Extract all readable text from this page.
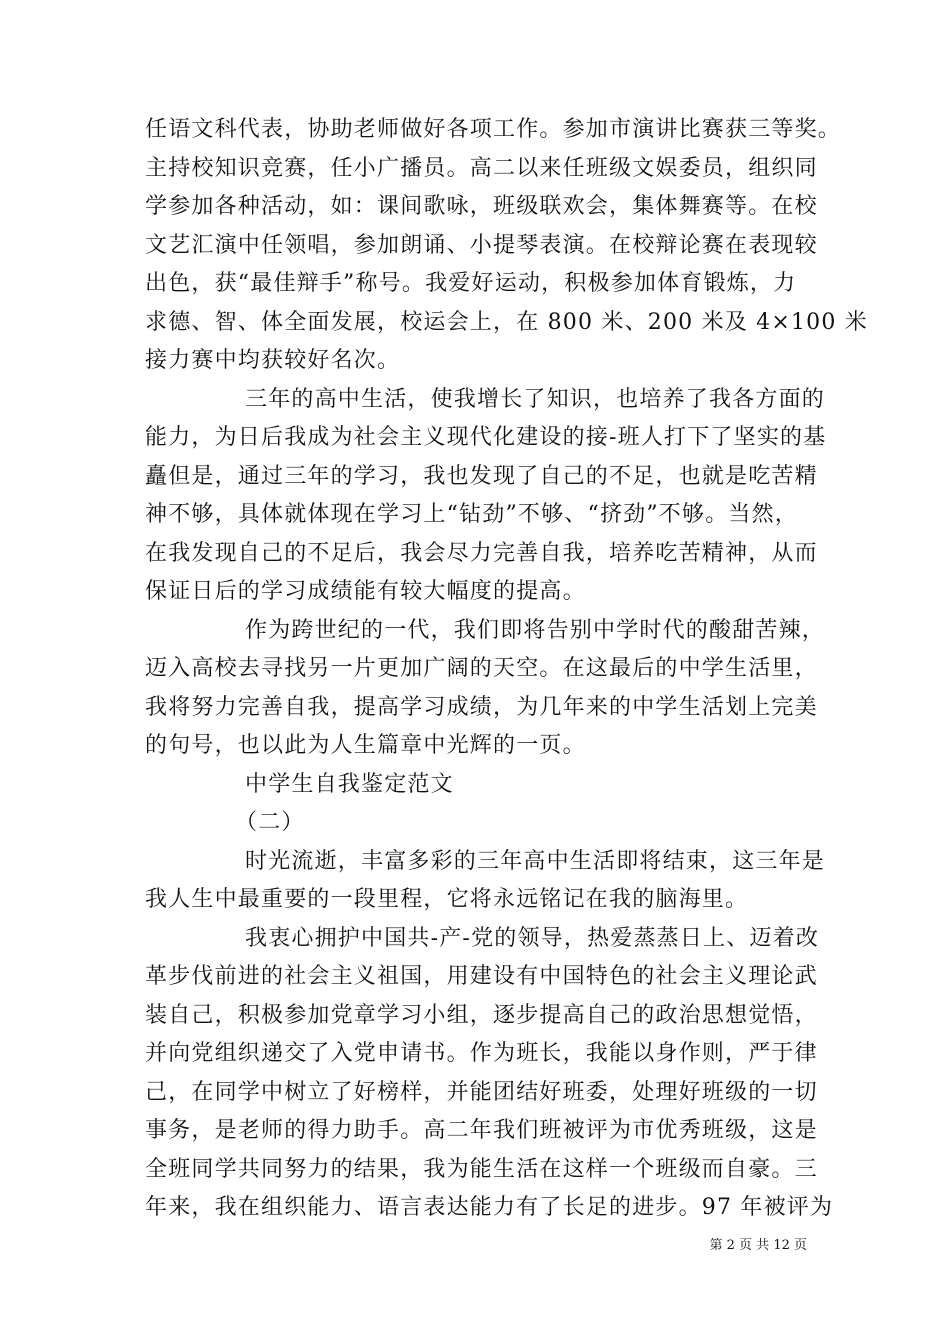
任语文科代表，协助老师做好各项工作。参加市演讲比赛获三等奖。
主持校知识竞赛，任小广播员。高二以来任班级文娱委员，组织同
学参加各种活动，如：课间歌咏，班级联欢会，集体舞赛等。在校
文艺汇演中任领唱，参加朗诵、小提琴表演。在校辩论赛在表现较
出色，获“最佳辩手”称号。我爱好运动，积极参加体育锻炼，力
求德、智、体全面发展，校运会上，在 800 米、200 米及 4×100 米
接力赛中均获较好名次。
三年的高中生活，使我增长了知识，也培养了我各方面的
能力，为日后我成为社会主义现代化建设的接-班人打下了坚实的基
矗但是，通过三年的学习，我也发现了自己的不足，也就是吃苦精
神不够，具体就体现在学习上“钻劲”不够、“挤劲”不够。当然，
在我发现自己的不足后，我会尽力完善自我，培养吃苦精神，从而
保证日后的学习成绩能有较大幅度的提高。
作为跨世纪的一代，我们即将告别中学时代的酸甜苦辣，
迈入高校去寻找另一片更加广阔的天空。在这最后的中学生活里，
我将努力完善自我，提高学习成绩，为几年来的中学生活划上完美
的句号，也以此为人生篇章中光辉的一页。
中学生自我鉴定范文
（二）
时光流逝，丰富多彩的三年高中生活即将结束，这三年是
我人生中最重要的一段里程，它将永远铭记在我的脑海里。
我衷心拥护中国共-产-党的领导，热爱蒸蒸日上、迈着改
革步伐前进的社会主义祖国，用建设有中国特色的社会主义理论武
装自己，积极参加党章学习小组，逐步提高自己的政治思想觉悟，
并向党组织递交了入党申请书。作为班长，我能以身作则，严于律
己，在同学中树立了好榜样，并能团结好班委，处理好班级的一切
事务，是老师的得力助手。高二年我们班被评为市优秀班级，这是
全班同学共同努力的结果，我为能生活在这样一个班级而自豪。三
年来，我在组织能力、语言表达能力有了长足的进步。97 年被评为
第 2 页 共 12 页
